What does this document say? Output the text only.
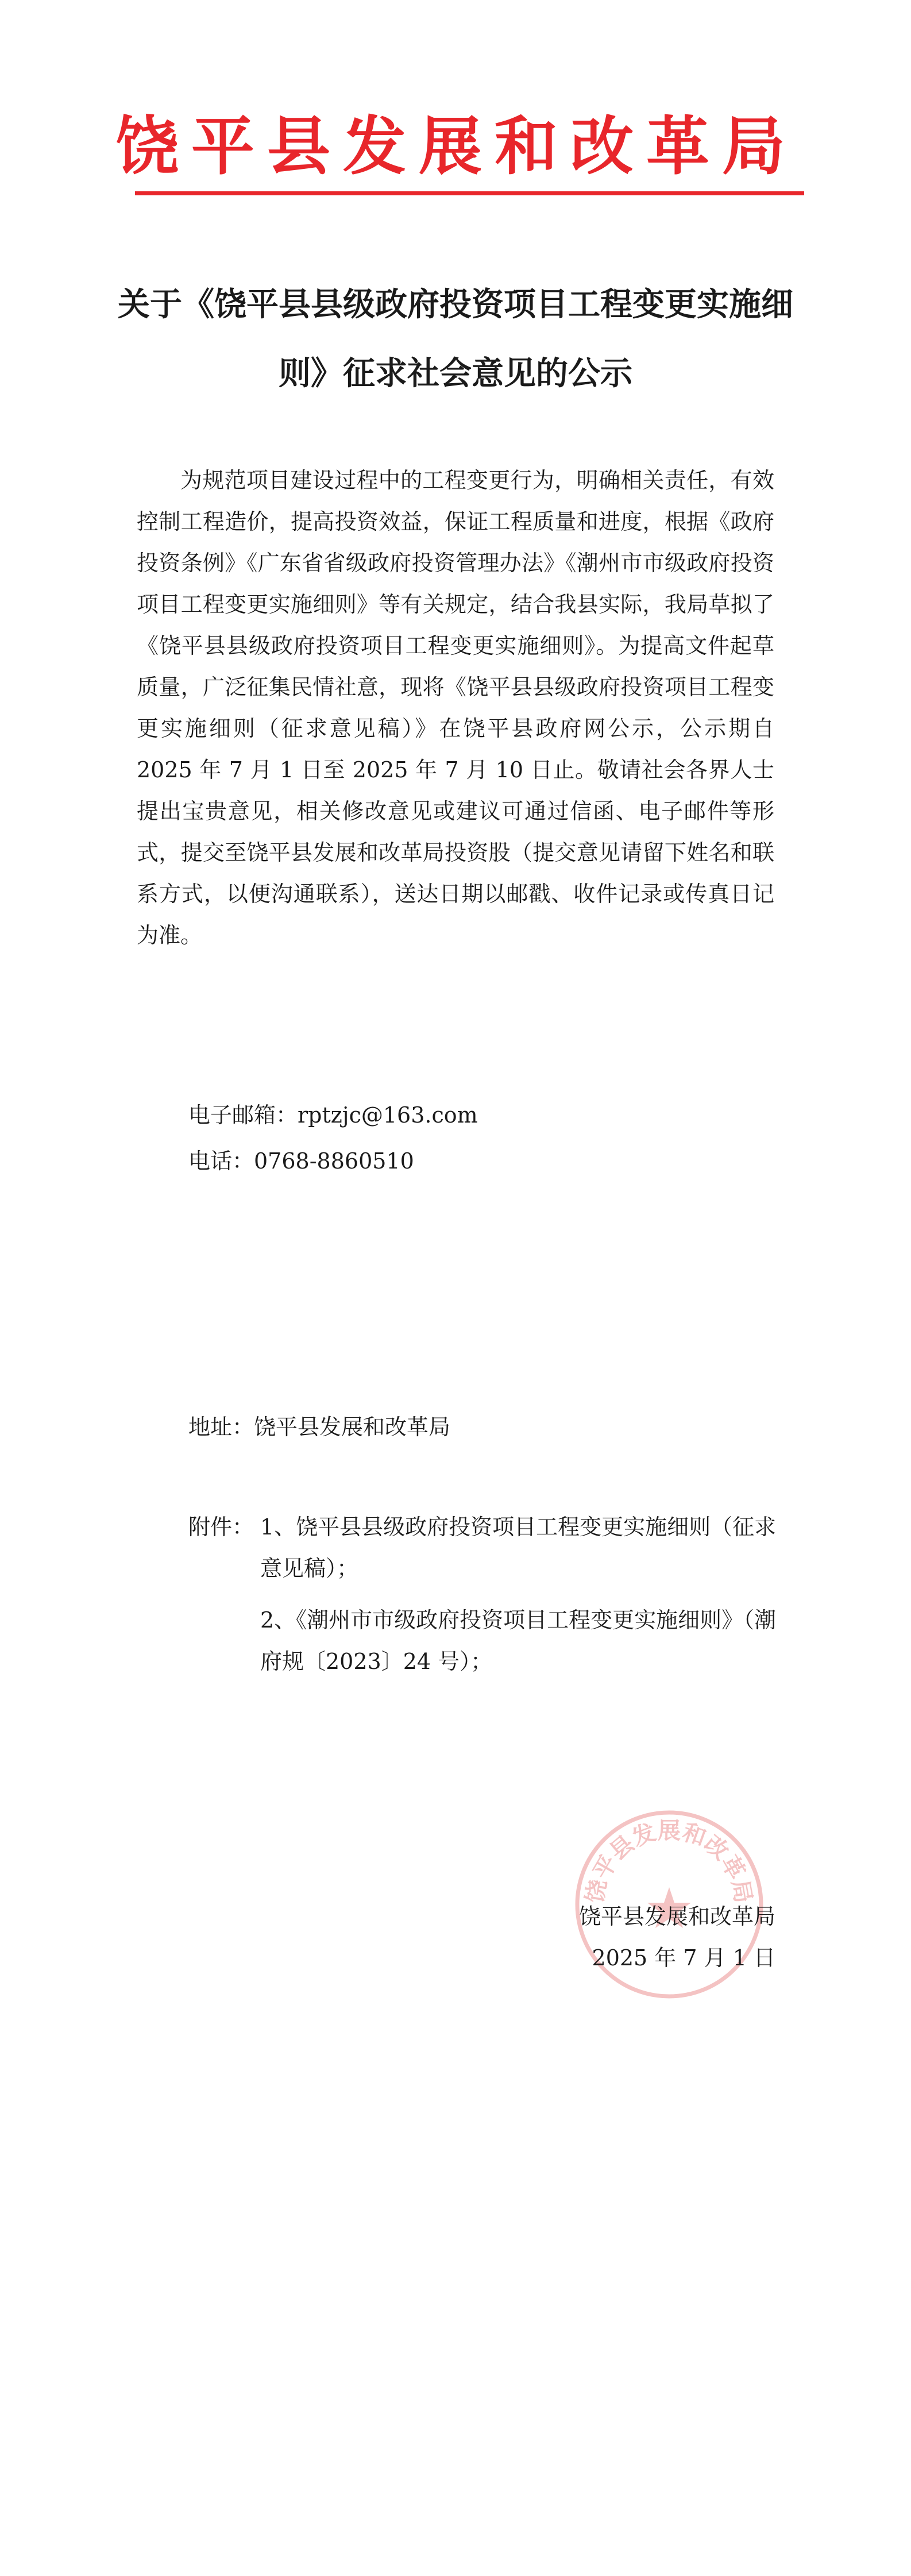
饶平县发展和改革局
关于《饶平县县级政府投资项目工程变更实施细则》征求社会意见的公示

为规范项目建设过程中的工程变更行为，明确相关责任，有效控制工程造价，提高投资效益，保证工程质量和进度，根据《政府投资条例》《广东省省级政府投资管理办法》《潮州市市级政府投资项目工程变更实施细则》等有关规定，结合我县实际，我局草拟了《饶平县县级政府投资项目工程变更实施细则》。为提高文件起草质量，广泛征集民情社意，现将《饶平县县级政府投资项目工程变更实施细则（征求意见稿）》在饶平县政府网公示，公示期自 2025 年 7 月 1 日至 2025 年 7 月 10 日止。敬请社会各界人士提出宝贵意见，相关修改意见或建议可通过信函、电子邮件等形式，提交至饶平县发展和改革局投资股（提交意见请留下姓名和联系方式，以便沟通联系），送达日期以邮戳、收件记录或传真日记为准。

电子邮箱：rptzjc@163.com

电话：0768-8860510

地址：饶平县发展和改革局

附件： 1、饶平县县级政府投资项目工程变更实施细则（征求意见稿）；
2、《潮州市市级政府投资项目工程变更实施细则》（潮府规〔2023〕24 号）；
饶平县发展和改革局
饶平县发展和改革局
2025 年 7 月 1 日
